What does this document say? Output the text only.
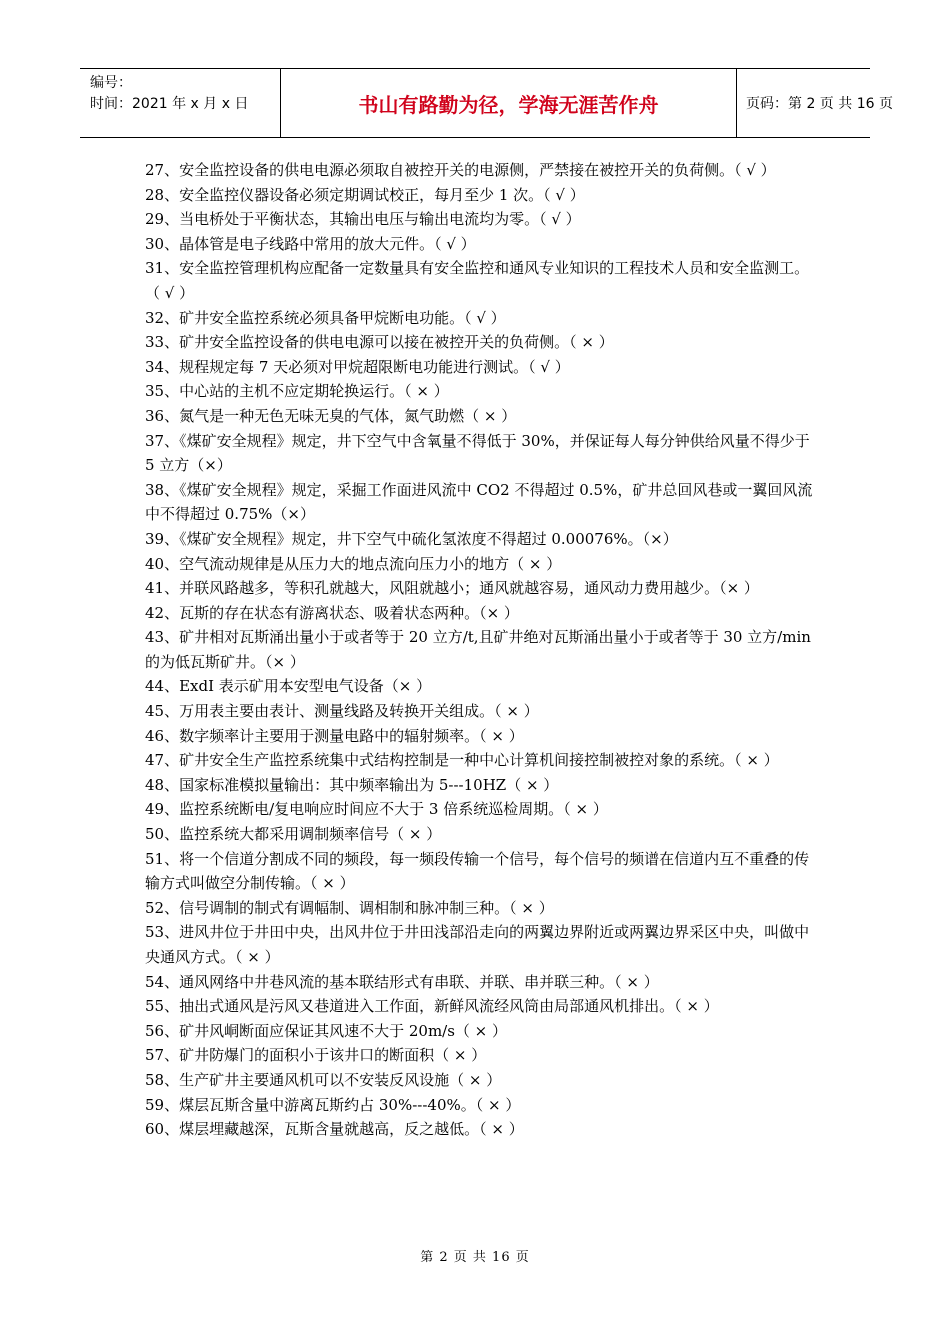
编号：
时间：2021 年 x 月 x 日	书山有路勤为径，学海无涯苦作舟	页码：第 2 页 共 16 页

27、安全监控设备的供电电源必须取自被控开关的电源侧，严禁接在被控开关的负荷侧。（ √ ）

28、安全监控仪器设备必须定期调试校正，每月至少 1 次。（ √ ）

29、当电桥处于平衡状态，其输出电压与输出电流均为零。（ √ ）

30、晶体管是电子线路中常用的放大元件。（ √ ）

31、安全监控管理机构应配备一定数量具有安全监控和通风专业知识的工程技术人员和安全监测工。（ √ ）

32、矿井安全监控系统必须具备甲烷断电功能。（ √ ）

33、矿井安全监控设备的供电电源可以接在被控开关的负荷侧。（ × ）

34、规程规定每 7 天必须对甲烷超限断电功能进行测试。（ √ ）

35、中心站的主机不应定期轮换运行。（ × ）

36、氮气是一种无色无味无臭的气体，氮气助燃（ × ）

37、《煤矿安全规程》规定，井下空气中含氧量不得低于 30%，并保证每人每分钟供给风量不得少于 5 立方（×）

38、《煤矿安全规程》规定，采掘工作面进风流中 CO2 不得超过 0.5%，矿井总回风巷或一翼回风流中不得超过 0.75%（×）

39、《煤矿安全规程》规定，井下空气中硫化氢浓度不得超过 0.00076%。（×）

40、空气流动规律是从压力大的地点流向压力小的地方（ × ）

41、并联风路越多，等积孔就越大，风阻就越小；通风就越容易，通风动力费用越少。（× ）

42、瓦斯的存在状态有游离状态、吸着状态两种。（× ）

43、矿井相对瓦斯涌出量小于或者等于 20 立方/t,且矿井绝对瓦斯涌出量小于或者等于 30 立方/min 的为低瓦斯矿井。（× ）

44、ExdI 表示矿用本安型电气设备（× ）

45、万用表主要由表计、测量线路及转换开关组成。（ × ）

46、数字频率计主要用于测量电路中的辐射频率。（ × ）

47、矿井安全生产监控系统集中式结构控制是一种中心计算机间接控制被控对象的系统。（ × ）

48、国家标准模拟量输出：其中频率输出为 5---10HZ（ × ）

49、监控系统断电/复电响应时间应不大于 3 倍系统巡检周期。（ × ）

50、监控系统大都采用调制频率信号（ × ）

51、将一个信道分割成不同的频段，每一频段传输一个信号，每个信号的频谱在信道内互不重叠的传输方式叫做空分制传输。（ × ）

52、信号调制的制式有调幅制、调相制和脉冲制三种。（ × ）

53、进风井位于井田中央，出风井位于井田浅部沿走向的两翼边界附近或两翼边界采区中央，叫做中央通风方式。（ × ）

54、通风网络中井巷风流的基本联结形式有串联、并联、串并联三种。（ × ）

55、抽出式通风是污风又巷道进入工作面，新鲜风流经风筒由局部通风机排出。（ × ）

56、矿井风峒断面应保证其风速不大于 20m/s（ × ）

57、矿井防爆门的面积小于该井口的断面积（ × ）

58、生产矿井主要通风机可以不安装反风设施（ × ）

59、煤层瓦斯含量中游离瓦斯约占 30%---40%。（ × ）

60、煤层埋藏越深，瓦斯含量就越高，反之越低。（ × ）

第 2 页 共 16 页
